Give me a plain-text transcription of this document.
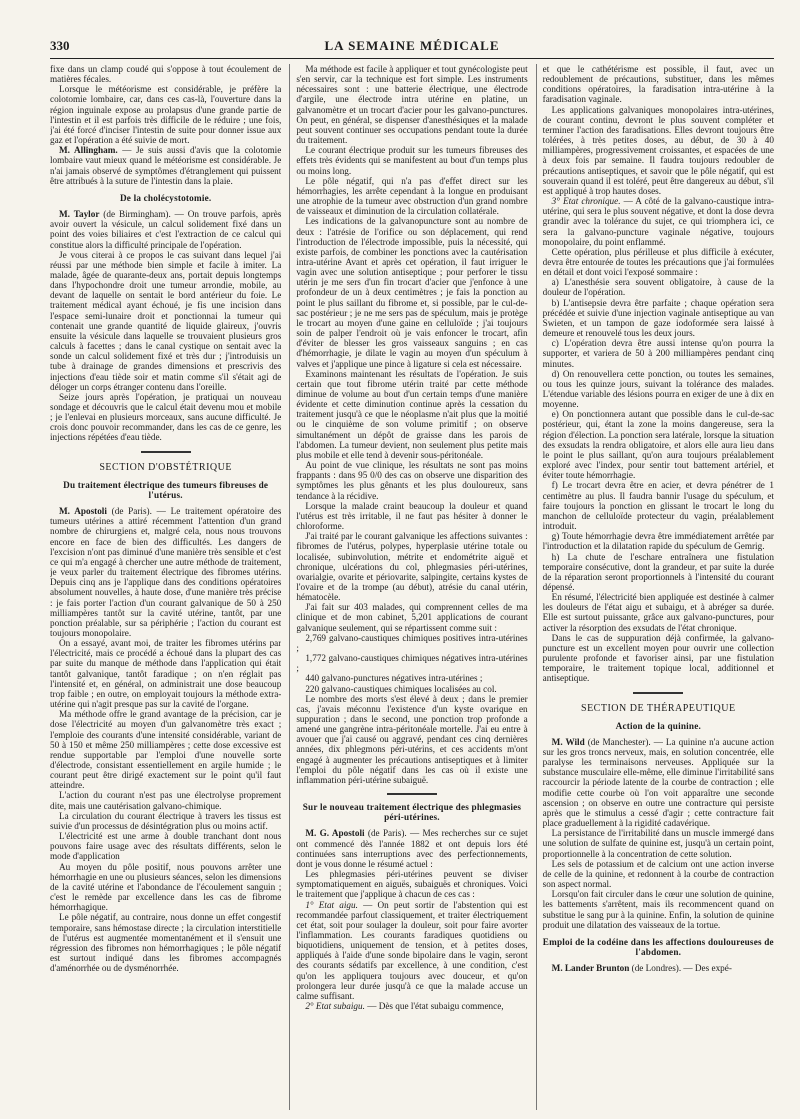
330	LA SEMAINE MÉDICALE

fixe dans un clamp coudé qui s'oppose à tout écoulement de matières fécales.

Lorsque le météorisme est considérable, je préfère la colotomie lombaire, car, dans ces cas-là, l'ouverture dans la région inguinale expose au prolapsus d'une grande partie de l'intestin et il est parfois très difficile de le réduire ; une fois, j'ai été forcé d'inciser l'intestin de suite pour donner issue aux gaz et l'opération a été suivie de mort.

M. Allingham. — Je suis aussi d'avis que la colotomie lombaire vaut mieux quand le météorisme est considérable. Je n'ai jamais observé de symptômes d'étranglement qui puissent être attribués à la suture de l'intestin dans la plaie.

De la cholécystotomie.

M. Taylor (de Birmingham). — On trouve parfois, après avoir ouvert la vésicule, un calcul solidement fixé dans un point des voies biliaires et c'est l'extraction de ce calcul qui constitue alors la difficulté principale de l'opération.

Je vous citerai à ce propos le cas suivant dans lequel j'ai réussi par une méthode bien simple et facile à imiter. La malade, âgée de quarante-deux ans, portait depuis longtemps dans l'hypochondre droit une tumeur arrondie, mobile, au devant de laquelle on sentait le bord antérieur du foie. Le traitement médical ayant échoué, je fis une incision dans l'espace semi-lunaire droit et ponctionnai la tumeur qui contenait une grande quantité de liquide glaireux, j'ouvris ensuite la vésicule dans laquelle se trouvaient plusieurs gros calculs à facettes ; dans le canal cystique on sentait avec la sonde un calcul solidement fixé et très dur ; j'introduisis un tube à drainage de grandes dimensions et prescrivis des injections d'eau tiède soir et matin comme s'il s'était agi de déloger un corps étranger contenu dans l'oreille.

Seize jours après l'opération, je pratiquai un nouveau sondage et découvris que le calcul était devenu mou et mobile ; je l'enlevai en plusieurs morceaux, sans aucune difficulté. Je crois donc pouvoir recommander, dans les cas de ce genre, les injections répétées d'eau tiède.

SECTION D'OBSTÉTRIQUE
Du traitement électrique des tumeurs fibreuses de l'utérus.

M. Apostoli (de Paris). — Le traitement opératoire des tumeurs utérines a attiré récemment l'attention d'un grand nombre de chirurgiens et, malgré cela, nous nous trouvons encore en face de bien des difficultés. Les dangers de l'excision n'ont pas diminué d'une manière très sensible et c'est ce qui m'a engagé à chercher une autre méthode de traitement, je veux parler du traitement électrique des fibromes utérins. Depuis cinq ans je l'applique dans des conditions opératoires absolument nouvelles, à haute dose, d'une manière très précise : je fais porter l'action d'un courant galvanique de 50 à 250 milliampères tantôt sur la cavité utérine, tantôt, par une ponction préalable, sur sa périphérie ; l'action du courant est toujours monopolaire.

On a essayé, avant moi, de traiter les fibromes utérins par l'électricité, mais ce procédé a échoué dans la plupart des cas par suite du manque de méthode dans l'application qui était tantôt galvanique, tantôt faradique ; on n'en réglait pas l'intensité et, en général, on administrait une dose beaucoup trop faible ; en outre, on employait toujours la méthode extra-utérine qui n'agit presque pas sur la cavité de l'organe.

Ma méthode offre le grand avantage de la précision, car je dose l'électricité au moyen d'un galvanomètre très exact ; l'emploie des courants d'une intensité considérable, variant de 50 à 150 et même 250 milliampères ; cette dose excessive est rendue supportable par l'emploi d'une nouvelle sorte d'électrode, consistant essentiellement en argile humide ; le courant peut être dirigé exactement sur le point qu'il faut atteindre.

L'action du courant n'est pas une électrolyse proprement dite, mais une cautérisation galvano-chimique.

La circulation du courant électrique à travers les tissus est suivie d'un processus de désintégration plus ou moins actif.

L'électricité est une arme à double tranchant dont nous pouvons faire usage avec des résultats différents, selon le mode d'application

Au moyen du pôle positif, nous pouvons arrêter une hémorrhagie en une ou plusieurs séances, selon les dimensions de la cavité utérine et l'abondance de l'écoulement sanguin ; c'est le remède par excellence dans les cas de fibrome hémorrhagique.

Le pôle négatif, au contraire, nous donne un effet congestif temporaire, sans hémostase directe ; la circulation interstitielle de l'utérus est augmentée momentanément et il s'ensuit une régression des fibromes non hémorrhagiques ; le pôle négatif est surtout indiqué dans les fibromes accompagnés d'aménorrhée ou de dysménorrhée.

Ma méthode est facile à appliquer et tout gynécologiste peut s'en servir, car la technique est fort simple. Les instruments nécessaires sont : une batterie électrique, une électrode d'argile, une électrode intra utérine en platine, un galvanomètre et un trocart d'acier pour les galvano-punctures. On peut, en général, se dispenser d'anesthésiques et la malade peut souvent continuer ses occupations pendant toute la durée du traitement.

Le courant électrique produit sur les tumeurs fibreuses des effets très évidents qui se manifestent au bout d'un temps plus ou moins long.

Le pôle négatif, qui n'a pas d'effet direct sur les hémorrhagies, les arrête cependant à la longue en produisant une atrophie de la tumeur avec obstruction d'un grand nombre de vaisseaux et diminution de la circulation collatérale.

Les indications de la galvanopuncture sont au nombre de deux : l'atrésie de l'orifice ou son déplacement, qui rend l'introduction de l'électrode impossible, puis la nécessité, qui existe parfois, de combiner les ponctions avec la cautérisation intra-utérine Avant et après cet opération, il faut irriguer le vagin avec une solution antiseptique ; pour perforer le tissu utérin je me sers d'un fin trocart d'acier que j'enfonce à une profondeur de un à deux centimètres ; je fais la ponction au point le plus saillant du fibrome et, si possible, par le cul-de-sac postérieur ; je ne me sers pas de spéculum, mais je protège le trocart au moyen d'une gaine en celluloïde ; j'ai toujours soin de palper l'endroit où je vais enfoncer le trocart, afin d'éviter de blesser les gros vaisseaux sanguins ; en cas d'hémorrhagie, je dilate le vagin au moyen d'un spéculum à valves et j'applique une pince à ligature si cela est nécessaire.

Examinons maintenant les résultats de l'opération. Je suis certain que tout fibrome utérin traité par cette méthode diminue de volume au bout d'un certain temps d'une manière évidente et cette diminution continue après la cessation du traitement jusqu'à ce que le néoplasme n'ait plus que la moitié ou le cinquième de son volume primitif ; on observe simultanément un dépôt de graisse dans les parois de l'abdomen. La tumeur devient, non seulement plus petite mais plus mobile et elle tend à devenir sous-péritonéale.

Au point de vue clinique, les résultats ne sont pas moins frappants : dans 95 0/0 des cas on observe une disparition des symptômes les plus gênants et les plus douloureux, sans tendance à la récidive.

Lorsque la malade craint beaucoup la douleur et quand l'utérus est très irritable, il ne faut pas hésiter à donner le chloroforme.

J'ai traité par le courant galvanique les affections suivantes : fibromes de l'utérus, polypes, hyperplasie utérine totale ou localisée, subinvolution, métrite et endométrite aiguë et chronique, ulcérations du col, phlegmasies péri-utérines, ovarialgie, ovarite et périovarite, salpingite, certains kystes de l'ovaire et de la trompe (au début), atrésie du canal utérin, hématocèle.

J'ai fait sur 403 malades, qui comprennent celles de ma clinique et de mon cabinet, 5,201 applications de courant galvanique seulement, qui se répartissent comme suit :

2,769 galvano-caustiques chimiques positives intra-utérines ;

1,772 galvano-caustiques chimiques négatives intra-utérines ;

440 galvano-punctures négatives intra-utérines ;

220 galvano-caustiques chimiques localisées au col.

Le nombre des morts s'est élevé à deux ; dans le premier cas, j'avais méconnu l'existence d'un kyste ovarique en suppuration ; dans le second, une ponction trop profonde a amené une gangrène intra-péritonéale mortelle. J'ai eu entre à avouer que j'ai causé ou aggravé, pendant ces cinq dernières années, dix phlegmons péri-utérins, et ces accidents m'ont engagé à augmenter les précautions antiseptiques et à limiter l'emploi du pôle négatif dans les cas où il existe une inflammation péri-utérine subaiguë.

Sur le nouveau traitement électrique des phlegmasies péri-utérines.

M. G. Apostoli (de Paris). — Mes recherches sur ce sujet ont commencé dès l'année 1882 et ont depuis lors été continuées sans interruptions avec des perfectionnements, dont je vous donne le résumé actuel :

Les phlegmasies péri-utérines peuvent se diviser symptomatiquement en aiguës, subaiguës et chroniques. Voici le traitement que j'applique à chacun de ces cas :

1° Etat aigu. — On peut sortir de l'abstention qui est recommandée parfout classiquement, et traiter électriquement cet état, soit pour soulager la douleur, soit pour faire avorter l'inflammation. Les courants faradiques quotidiens ou biquotidiens, uniquement de tension, et à petites doses, appliqués à l'aide d'une sonde bipolaire dans le vagin, seront des courants sédatifs par excellence, à une condition, c'est qu'on les appliquera toujours avec douceur, et qu'on prolongera leur durée jusqu'à ce que la malade accuse un calme suffisant.

2° Etat subaigu. — Dès que l'état subaigu commence,

et que le cathétérisme est possible, il faut, avec un redoublement de précautions, substituer, dans les mêmes conditions opératoires, la faradisation intra-utérine à la faradisation vaginale.

Les applications galvaniques monopolaires intra-utérines, de courant continu, devront le plus souvent compléter et terminer l'action des faradisations. Elles devront toujours être tolérées, à très petites doses, au début, de 30 à 40 milliampères, progressivement croissantes, et espacées de une à deux fois par semaine. Il faudra toujours redoubler de précautions antiseptiques, et savoir que le pôle négatif, qui est souverain quand il est toléré, peut être dangereux au début, s'il est appliqué à trop hautes doses.

3° Etat chronique. — A côté de la galvano-caustique intra-utérine, qui sera le plus souvent négative, et dont la dose devra grandir avec la tolérance du sujet, ce qui triomphera ici, ce sera la galvano-puncture vaginale négative, toujours monopolaire, du point enflammé.

Cette opération, plus périlleuse et plus difficile à exécuter, devra être entourée de toutes les précautions que j'ai formulées en détail et dont voici l'exposé sommaire :

a) L'anesthésie sera souvent obligatoire, à cause de la douleur de l'opération.

b) L'antisepsie devra être parfaite ; chaque opération sera précédée et suivie d'une injection vaginale antiseptique au van Swieten, et un tampon de gaze iodoformée sera laissé à demeure et renouvelé tous les deux jours.

c) L'opération devra être aussi intense qu'on pourra la supporter, et variera de 50 à 200 milliampères pendant cinq minutes.

d) On renouvellera cette ponction, ou toutes les semaines, ou tous les quinze jours, suivant la tolérance des malades. L'étendue variable des lésions pourra en exiger de une à dix en moyenne.

e) On ponctionnera autant que possible dans le cul-de-sac postérieur, qui, étant la zone la moins dangereuse, sera la région d'élection. La ponction sera latérale, lorsque la situation des exsudats la rendra obligatoire, et alors elle aura lieu dans le point le plus saillant, qu'on aura toujours préalablement exploré avec l'index, pour sentir tout battement artériel, et éviter toute hémorrhagie.

f) Le trocart devra être en acier, et devra pénétrer de 1 centimètre au plus. Il faudra bannir l'usage du spéculum, et faire toujours la ponction en glissant le trocart le long du manchon de celluloïde protecteur du vagin, préalablement introduit.

g) Toute hémorrhagie devra être immédiatement arrêtée par l'introduction et la dilatation rapide du spéculum de Gemrig.

h) La chute de l'eschare entraînera une fistulation temporaire consécutive, dont la grandeur, et par suite la durée de la réparation seront proportionnels à l'intensité du courant dépensé.

En résumé, l'électricité bien appliquée est destinée à calmer les douleurs de l'état aigu et subaigu, et à abréger sa durée. Elle est surtout puissante, grâce aux galvano-punctures, pour activer la résorption des exsudats de l'état chronique.

Dans le cas de suppuration déjà confirmée, la galvano-puncture est un excellent moyen pour ouvrir une collection purulente profonde et favoriser ainsi, par une fistulation temporaire, le traitement topique local, additionnel et antiseptique.

SECTION DE THÉRAPEUTIQUE
Action de la quinine.

M. Wild (de Manchester). — La quinine n'a aucune action sur les gros troncs nerveux, mais, en solution concentrée, elle paralyse les terminaisons nerveuses. Appliquée sur la substance musculaire elle-même, elle diminue l'irritabilité sans raccourcir la période latente de la courbe de contraction ; elle modifie cette courbe où l'on voit apparaître une seconde ascension ; on observe en outre une contracture qui persiste après que le stimulus a cessé d'agir ; cette contracture fait place graduellement à la rigidité cadavérique.

La persistance de l'irritabilité dans un muscle immergé dans une solution de sulfate de quinine est, jusqu'à un certain point, proportionnelle à la concentration de cette solution.

Les sels de potassium et de calcium ont une action inverse de celle de la quinine, et redonnent à la courbe de contraction son aspect normal.

Lorsqu'on fait circuler dans le cœur une solution de quinine, les battements s'arrêtent, mais ils recommencent quand on substitue le sang pur à la quinine. Enfin, la solution de quinine produit une dilatation des vaisseaux de la tortue.

Emploi de la codéine dans les affections douloureuses de l'abdomen.

M. Lander Brunton (de Londres). — Des expé-
